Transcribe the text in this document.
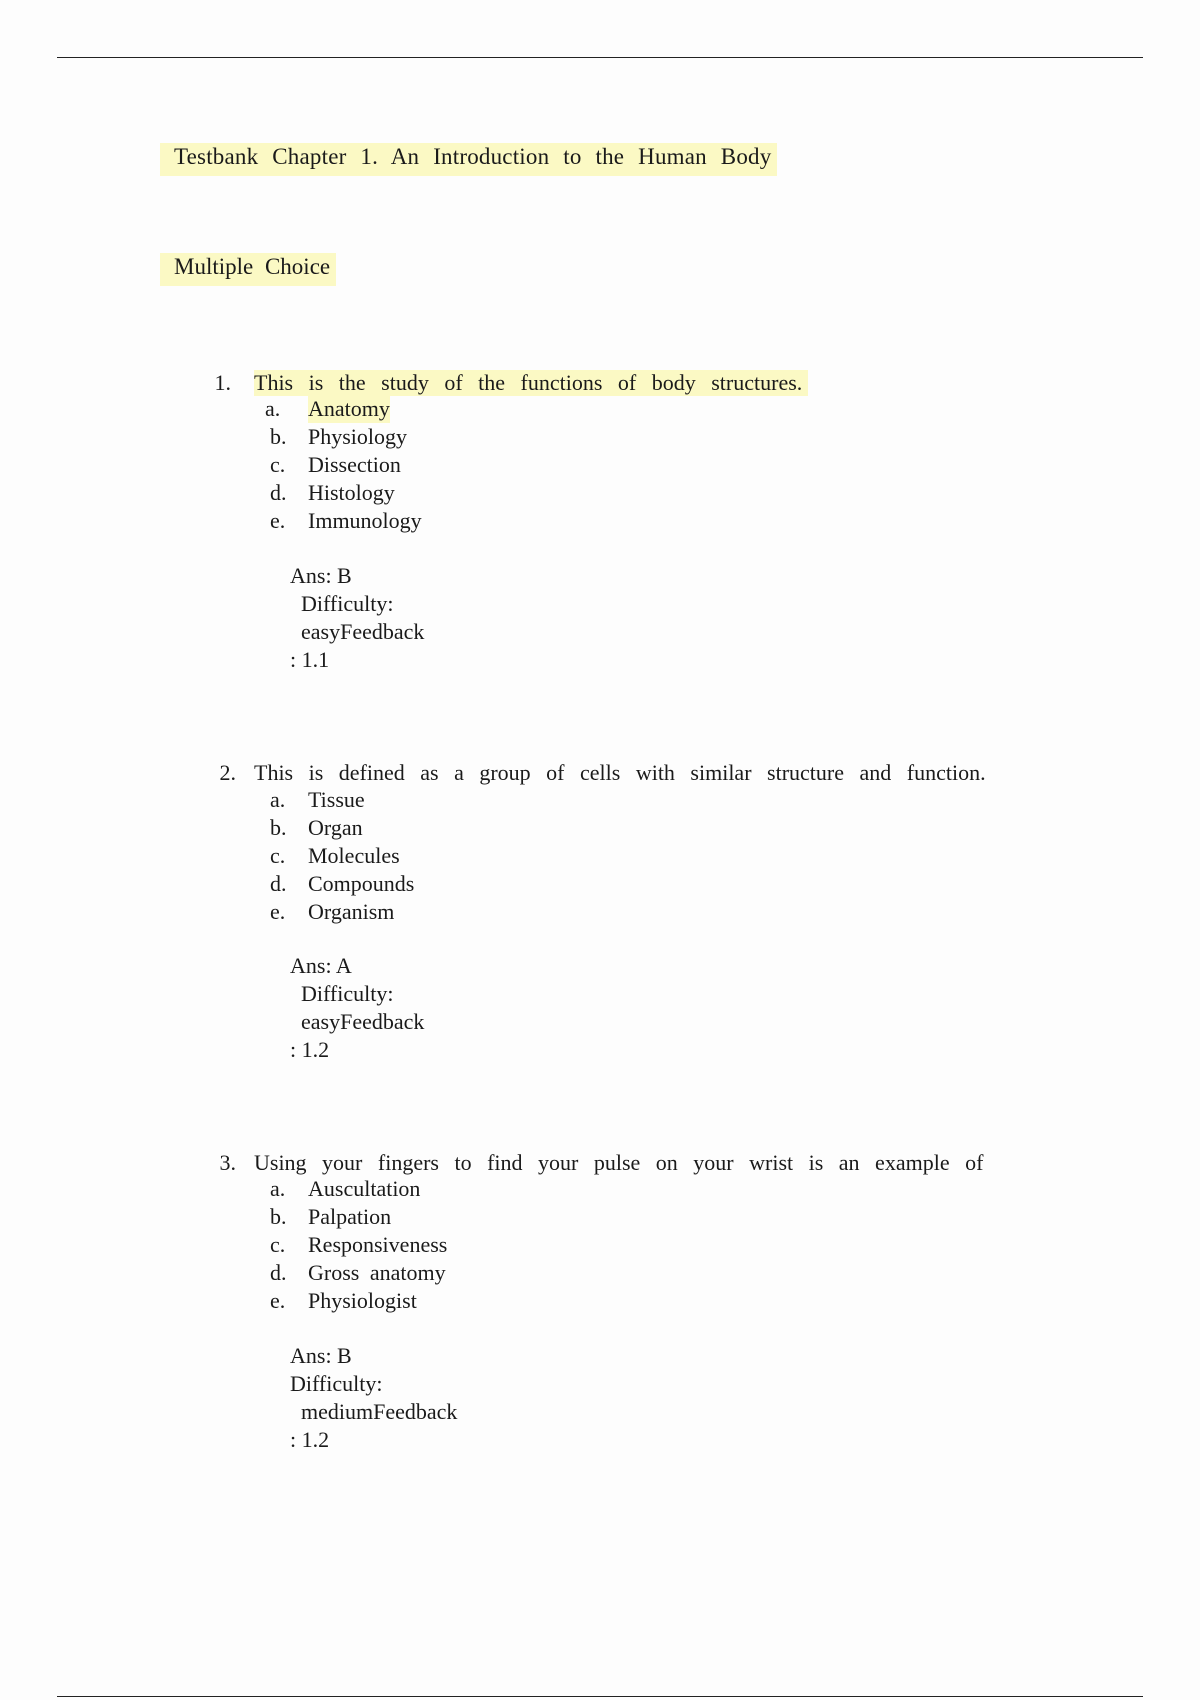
Testbank Chapter 1. An Introduction to the Human Body
Multiple Choice
1. This is the study of the functions of body structures.
a.	Anatomy
b. Physiology
c.	Dissection
d. Histology
e.	Immunology
Ans: B
Difficulty:
easyFeedback
: 1.1
2. This is defined as a group of cells with similar structure and function.
a.	Tissue
b. Organ
c.	Molecules
d. Compounds
e.	Organism
Ans: A
Difficulty:
easyFeedback
: 1.2
3. Using your fingers to find your pulse on your wrist is an example of
a.	Auscultation
b. Palpation
c.	Responsiveness
d. Gross anatomy
e.	Physiologist
Ans: B
Difficulty:
mediumFeedback
: 1.2
